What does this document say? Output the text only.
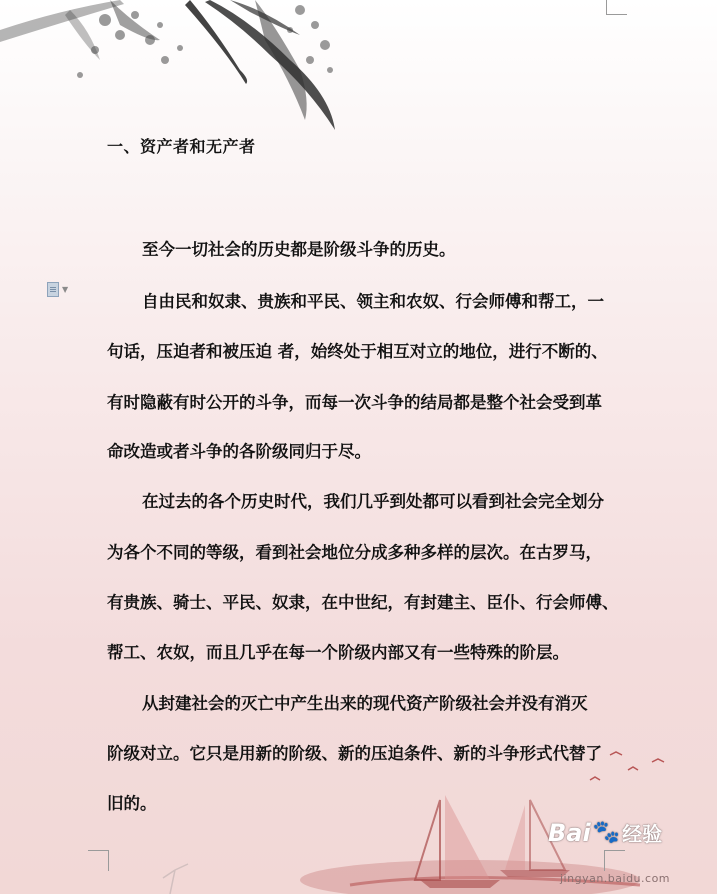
▼
一、资产者和无产者
至今一切社会的历史都是阶级斗争的历史。
自由民和奴隶、贵族和平民、领主和农奴、行会师傅和帮工，一
句话，压迫者和被压迫 者，始终处于相互对立的地位，进行不断的、
有时隐蔽有时公开的斗争，而每一次斗争的结局都是整个社会受到革
命改造或者斗争的各阶级同归于尽。
在过去的各个历史时代，我们几乎到处都可以看到社会完全划分
为各个不同的等级，看到社会地位分成多种多样的层次。在古罗马，
有贵族、骑士、平民、奴隶，在中世纪，有封建主、臣仆、行会师傅、
帮工、农奴，而且几乎在每一个阶级内部又有一些特殊的阶层。
从封建社会的灭亡中产生出来的现代资产阶级社会并没有消灭
阶级对立。它只是用新的阶级、新的压迫条件、新的斗争形式代替了
旧的。
Bai 🐾 经验
jingyan.baidu.com
